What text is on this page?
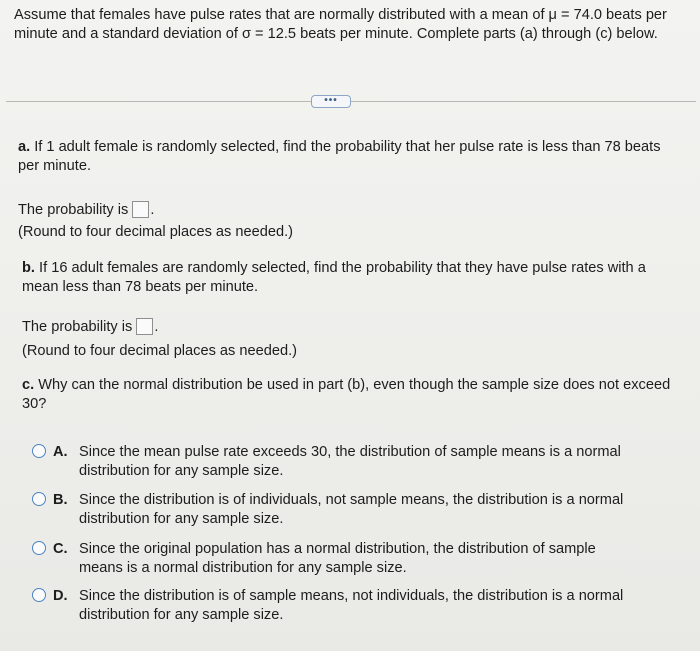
Assume that females have pulse rates that are normally distributed with a mean of μ = 74.0 beats per minute and a standard deviation of σ = 12.5 beats per minute. Complete parts (a) through (c) below.
•••
a. If 1 adult female is randomly selected, find the probability that her pulse rate is less than 78 beats per minute.
The probability is .
(Round to four decimal places as needed.)
b. If 16 adult females are randomly selected, find the probability that they have pulse rates with a mean less than 78 beats per minute.
The probability is .
(Round to four decimal places as needed.)
c. Why can the normal distribution be used in part (b), even though the sample size does not exceed 30?
A. Since the mean pulse rate exceeds 30, the distribution of sample means is a normal distribution for any sample size.
B. Since the distribution is of individuals, not sample means, the distribution is a normal distribution for any sample size.
C. Since the original population has a normal distribution, the distribution of sample means is a normal distribution for any sample size.
D. Since the distribution is of sample means, not individuals, the distribution is a normal distribution for any sample size.
